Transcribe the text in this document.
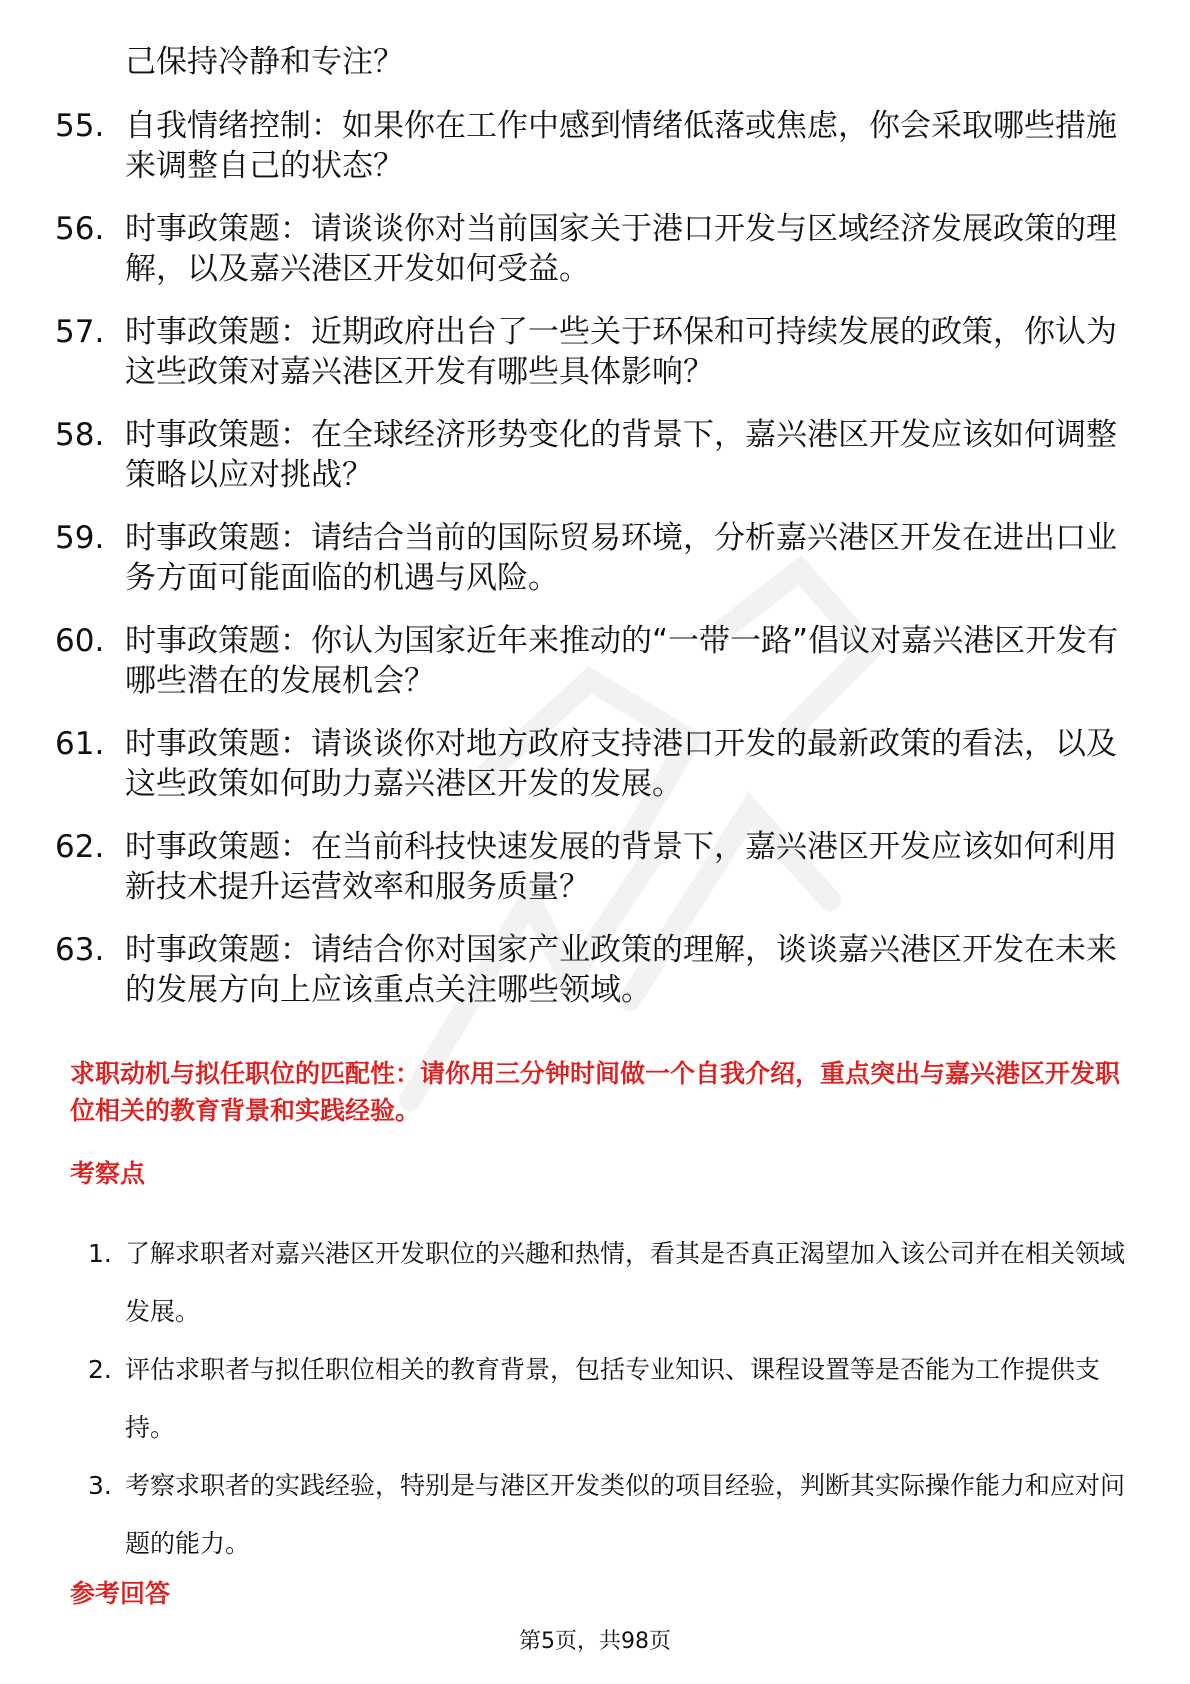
己保持冷静和专注？
55. 自我情绪控制：如果你在工作中感到情绪低落或焦虑，你会采取哪些措施来调整自己的状态？
56. 时事政策题：请谈谈你对当前国家关于港口开发与区域经济发展政策的理解，以及嘉兴港区开发如何受益。
57. 时事政策题：近期政府出台了一些关于环保和可持续发展的政策，你认为这些政策对嘉兴港区开发有哪些具体影响？
58. 时事政策题：在全球经济形势变化的背景下，嘉兴港区开发应该如何调整策略以应对挑战？
59. 时事政策题：请结合当前的国际贸易环境，分析嘉兴港区开发在进出口业务方面可能面临的机遇与风险。
60. 时事政策题：你认为国家近年来推动的“一带一路”倡议对嘉兴港区开发有哪些潜在的发展机会？
61. 时事政策题：请谈谈你对地方政府支持港口开发的最新政策的看法，以及这些政策如何助力嘉兴港区开发的发展。
62. 时事政策题：在当前科技快速发展的背景下，嘉兴港区开发应该如何利用新技术提升运营效率和服务质量？
63. 时事政策题：请结合你对国家产业政策的理解，谈谈嘉兴港区开发在未来的发展方向上应该重点关注哪些领域。
求职动机与拟任职位的匹配性：请你用三分钟时间做一个自我介绍，重点突出与嘉兴港区开发职位相关的教育背景和实践经验。
考察点
1. 了解求职者对嘉兴港区开发职位的兴趣和热情，看其是否真正渴望加入该公司并在相关领域发展。
2. 评估求职者与拟任职位相关的教育背景，包括专业知识、课程设置等是否能为工作提供支持。
3. 考察求职者的实践经验，特别是与港区开发类似的项目经验，判断其实际操作能力和应对问题的能力。
参考回答
第5页，共98页
